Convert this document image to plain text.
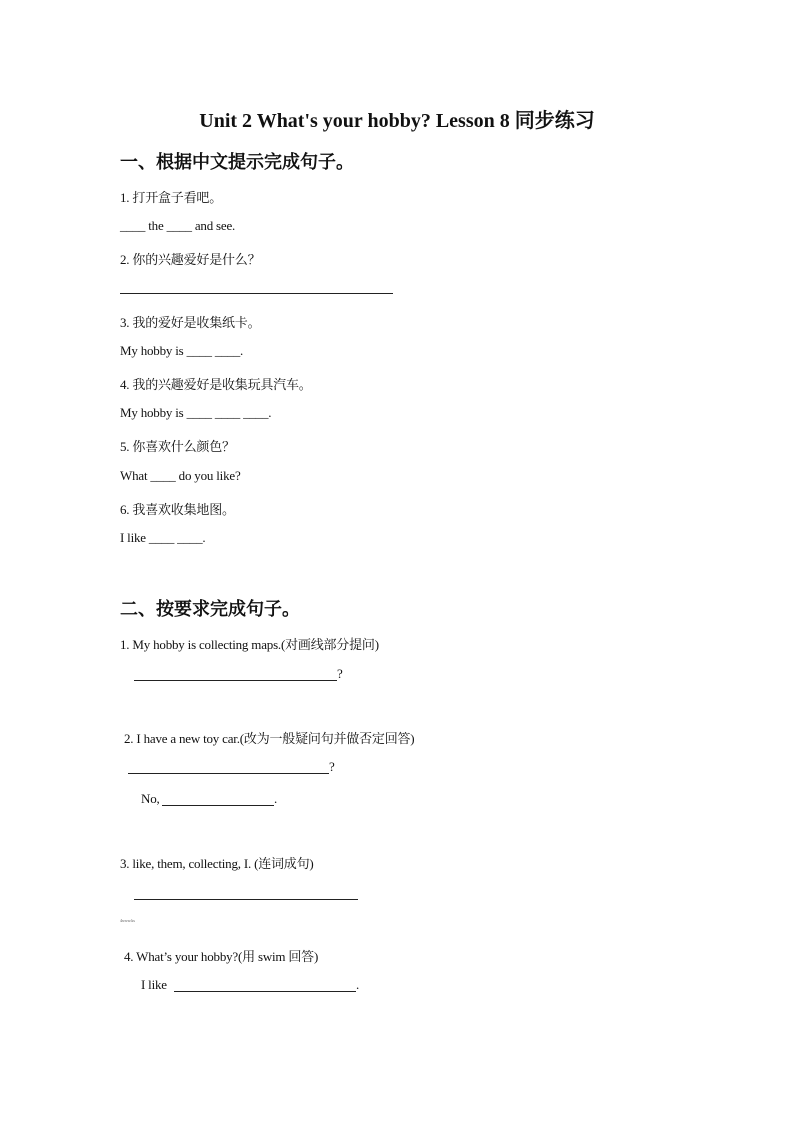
Unit 2 What's your hobby? Lesson 8 同步练习
一、根据中文提示完成句子。
1. 打开盒子看吧。
____ the ____ and see.
2. 你的兴趣爱好是什么？
3. 我的爱好是收集纸卡。
My hobby is ____ ____.
4. 我的兴趣爱好是收集玩具汽车。
My hobby is ____ ____ ____.
5. 你喜欢什么颜色？
What ____ do you like?
6. 我喜欢收集地图。
I like ____ ____.
二、按要求完成句子。
1. My hobby is collecting maps.(对画线部分提问)
?
2. I have a new toy car.(改为一般疑问句并做否定回答)
?
No,	.
3. like, them, collecting, I. (连词成句)
4www.ks
4. What’s your hobby?(用 swim 回答)
I like	.
